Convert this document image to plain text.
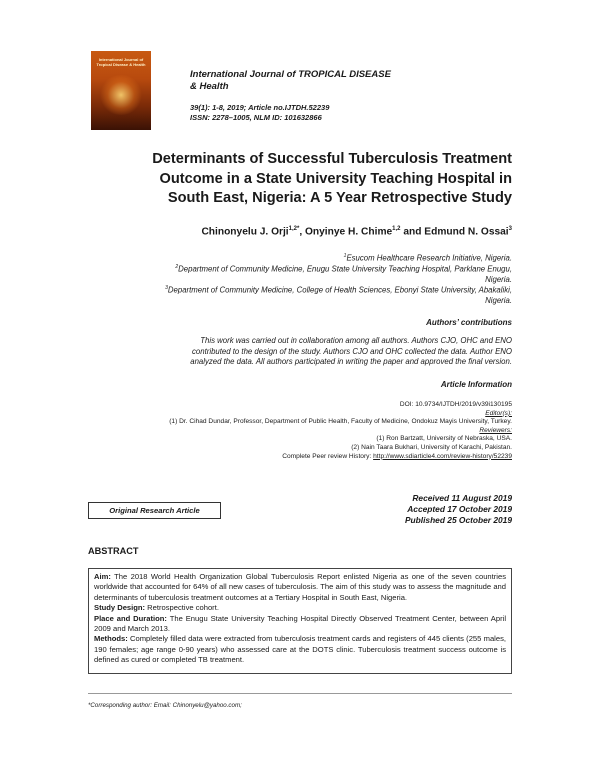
International Journal of Tropical Disease & Health
International Journal of TROPICAL DISEASE
& Health
39(1): 1-8, 2019; Article no.IJTDH.52239
ISSN: 2278–1005, NLM ID: 101632866
Determinants of Successful Tuberculosis Treatment
Outcome in a State University Teaching Hospital in
South East, Nigeria: A 5 Year Retrospective Study
Chinonyelu J. Orji$^{1,2*}$, Onyinye H. Chime$^{1,2}$ and Edmund N. Ossai$^3$
$^1$Esucom Healthcare Research Initiative, Nigeria.
$^2$Department of Community Medicine, Enugu State University Teaching Hospital, Parklane Enugu,
Nigeria.
$^3$Department of Community Medicine, College of Health Sciences, Ebonyi State University, Abakaliki,
Nigeria.
Authors’ contributions
This work was carried out in collaboration among all authors. Authors CJO, OHC and ENO
contributed to the design of the study. Authors CJO and OHC collected the data. Author ENO
analyzed the data. All authors participated in writing the paper and approved the final version.
Article Information
DOI: 10.9734/IJTDH/2019/v39i130195
Editor(s):
(1) Dr. Cihad Dundar, Professor, Department of Public Health, Faculty of Medicine, Ondokuz Mayis University, Turkey.
Reviewers:
(1) Ron Bartzatt, University of Nebraska, USA.
(2) Nain Taara Bukhari, University of Karachi, Pakistan.
Complete Peer review History: http://www.sdiarticle4.com/review-history/52239
Received 11 August 2019
Accepted 17 October 2019
Published 25 October 2019
Original Research Article
ABSTRACT
Aim: The 2018 World Health Organization Global Tuberculosis Report enlisted Nigeria as one of the seven countries worldwide that accounted for 64% of all new cases of tuberculosis. The aim of this study was to assess the magnitude and determinants of tuberculosis treatment outcomes at a Tertiary Hospital in South East, Nigeria.
Study Design: Retrospective cohort.
Place and Duration: The Enugu State University Teaching Hospital Directly Observed Treatment Center, between April 2009 and March 2013.
Methods: Completely filled data were extracted from tuberculosis treatment cards and registers of 445 clients (255 males, 190 females; age range 0-90 years) who assessed care at the DOTS clinic. Tuberculosis treatment success outcome is defined as cured or completed TB treatment.
*Corresponding author: Email: Chinonyelu@yahoo.com;
